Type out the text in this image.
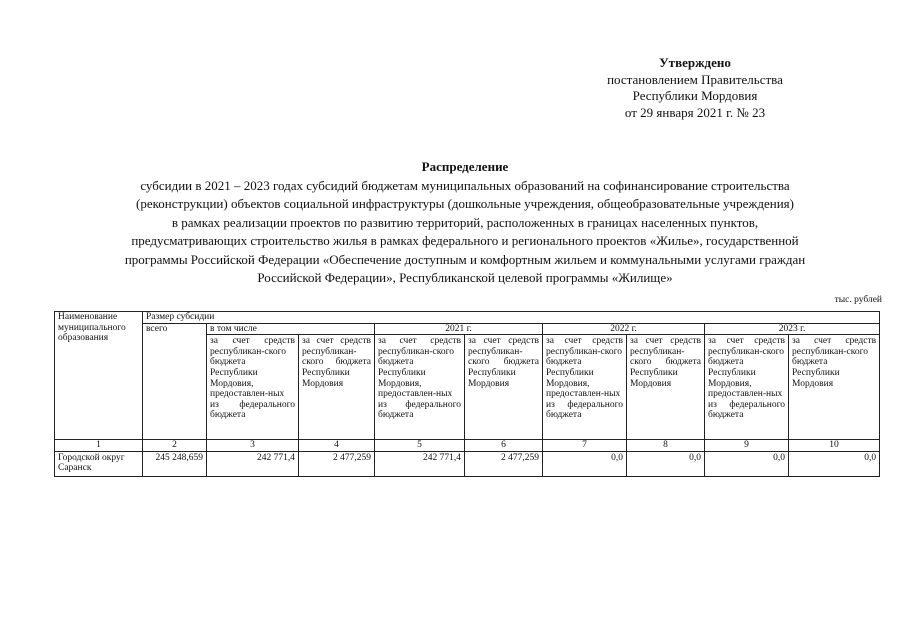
Утверждено
постановлением Правительства
Республики Мордовия
от 29 января 2021 г. № 23
Распределение
субсидии в 2021 – 2023 годах субсидий бюджетам муниципальных образований на софинансирование строительства
(реконструкции) объектов социальной инфраструктуры (дошкольные учреждения, общеобразовательные учреждения)
в рамках реализации проектов по развитию территорий, расположенных в границах населенных пунктов,
предусматривающих строительство жилья в рамках федерального и регионального проектов «Жилье», государственной
программы Российской Федерации «Обеспечение доступным и комфортным жильем и коммунальными услугами граждан
Российской Федерации», Республиканской целевой программы «Жилище»
тыс. рублей
Наименование муниципального образования	Размер субсидии								
	всего	в том числе		2021 г.		2022 г.		2023 г.	
		за счет средств республикан-ского бюджета Республики Мордовия, предоставлен-ных из федерального бюджета	за счет средств республикан-ского бюджета Республики Мордовия	за счет средств республикан-ского бюджета Республики Мордовия, предоставлен-ных из федерального бюджета	за счет средств республикан-ского бюджета Республики Мордовия	за счет средств республикан-ского бюджета Республики Мордовия, предоставлен-ных из федерального бюджета	за счет средств республикан-ского бюджета Республики Мордовия	за счет средств республикан-ского бюджета Республики Мордовия, предоставлен-ных из федерального бюджета	за счет средств республикан-ского бюджета Республики Мордовия
1	2	3	4	5	6	7	8	9	10
Городской округ Саранск	245 248,659	242 771,4	2 477,259	242 771,4	2 477,259	0,0	0,0	0,0	0,0
